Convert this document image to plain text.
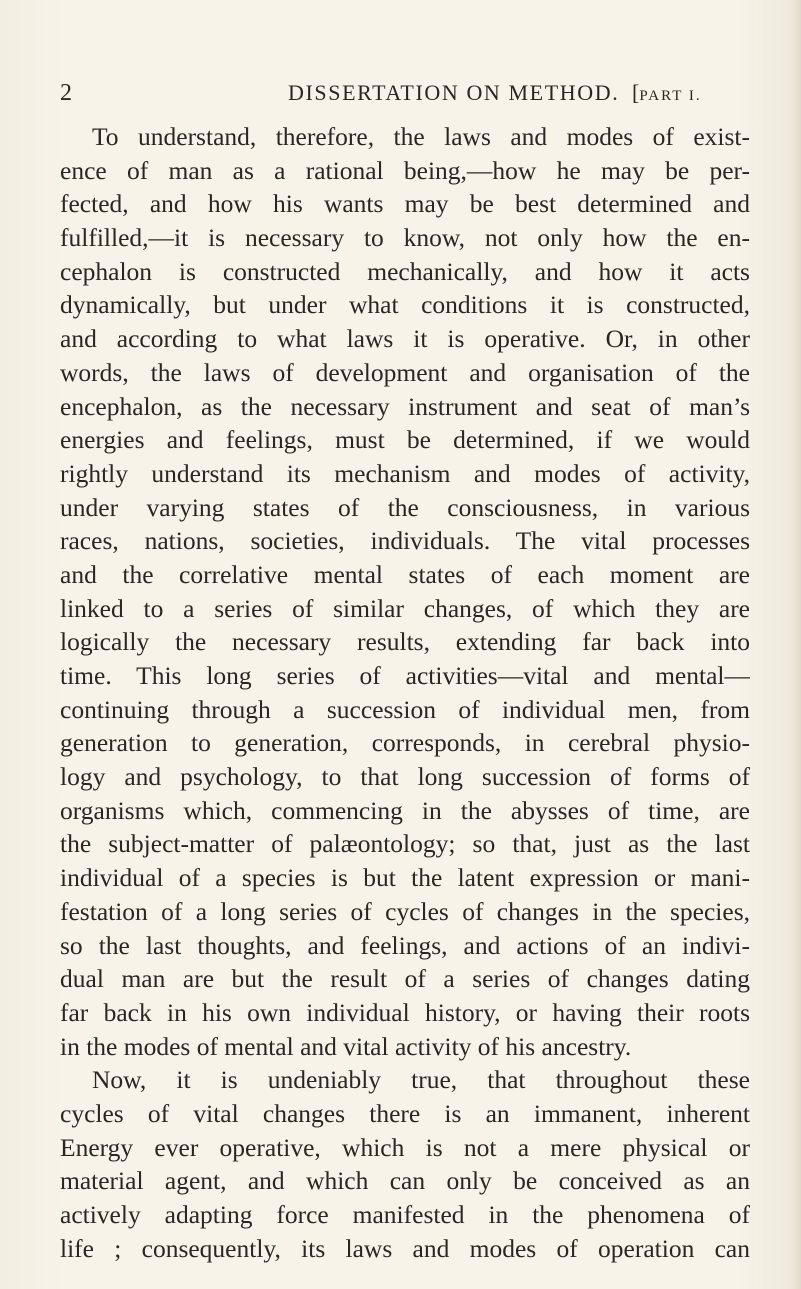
2	DISSERTATION ON METHOD. [PART I.
To understand, therefore, the laws and modes of exist-
ence of man as a rational being,—how he may be per-
fected, and how his wants may be best determined and
fulfilled,—it is necessary to know, not only how the en-
cephalon is constructed mechanically, and how it acts
dynamically, but under what conditions it is constructed,
and according to what laws it is operative. Or, in other
words, the laws of development and organisation of the
encephalon, as the necessary instrument and seat of man’s
energies and feelings, must be determined, if we would
rightly understand its mechanism and modes of activity,
under varying states of the consciousness, in various
races, nations, societies, individuals. The vital processes
and the correlative mental states of each moment are
linked to a series of similar changes, of which they are
logically the necessary results, extending far back into
time. This long series of activities—vital and mental—
continuing through a succession of individual men, from
generation to generation, corresponds, in cerebral physio-
logy and psychology, to that long succession of forms of
organisms which, commencing in the abysses of time, are
the subject-matter of palæontology; so that, just as the last
individual of a species is but the latent expression or mani-
festation of a long series of cycles of changes in the species,
so the last thoughts, and feelings, and actions of an indivi-
dual man are but the result of a series of changes dating
far back in his own individual history, or having their roots
in the modes of mental and vital activity of his ancestry.
Now, it is undeniably true, that throughout these
cycles of vital changes there is an immanent, inherent
Energy ever operative, which is not a mere physical or
material agent, and which can only be conceived as an
actively adapting force manifested in the phenomena of
life ; consequently, its laws and modes of operation can
